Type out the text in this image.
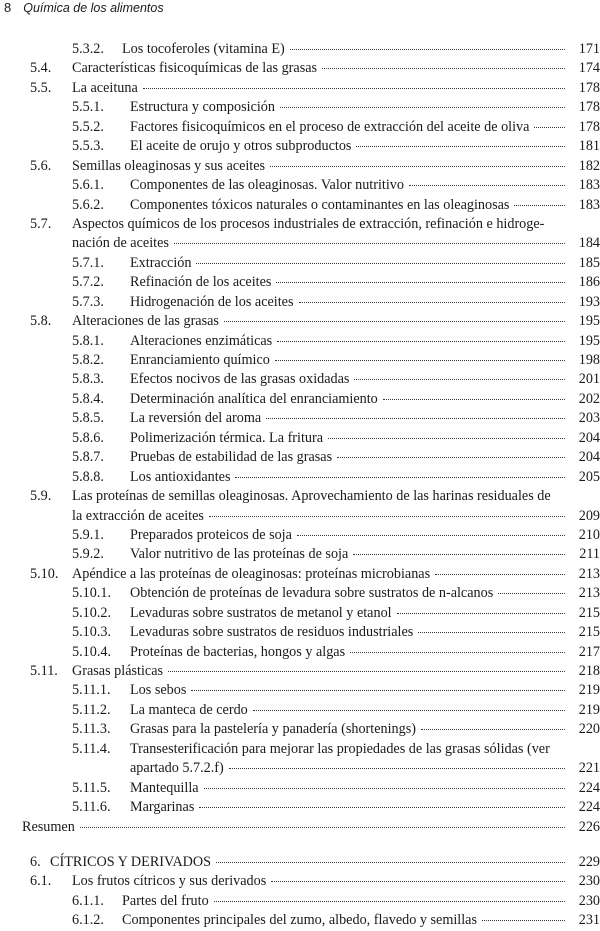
8 Química de los alimentos
5.3.2. Los tocoferoles (vitamina E)	171
5.4. Características fisicoquímicas de las grasas	174
5.5. La aceituna	178
5.5.1. Estructura y composición	178
5.5.2. Factores fisicoquímicos en el proceso de extracción del aceite de oliva	178
5.5.3. El aceite de orujo y otros subproductos	181
5.6. Semillas oleaginosas y sus aceites	182
5.6.1. Componentes de las oleaginosas. Valor nutritivo	183
5.6.2. Componentes tóxicos naturales o contaminantes en las oleaginosas	183
5.7. Aspectos químicos de los procesos industriales de extracción, refinación e hidroge-
nación de aceites	184
5.7.1. Extracción	185
5.7.2. Refinación de los aceites	186
5.7.3. Hidrogenación de los aceites	193
5.8. Alteraciones de las grasas	195
5.8.1. Alteraciones enzimáticas	195
5.8.2. Enranciamiento químico	198
5.8.3. Efectos nocivos de las grasas oxidadas	201
5.8.4. Determinación analítica del enranciamiento	202
5.8.5. La reversión del aroma	203
5.8.6. Polimerización térmica. La fritura	204
5.8.7. Pruebas de estabilidad de las grasas	204
5.8.8. Los antioxidantes	205
5.9. Las proteínas de semillas oleaginosas. Aprovechamiento de las harinas residuales de
la extracción de aceites	209
5.9.1. Preparados proteicos de soja	210
5.9.2. Valor nutritivo de las proteínas de soja	211
5.10. Apéndice a las proteínas de oleaginosas: proteínas microbianas	213
5.10.1. Obtención de proteínas de levadura sobre sustratos de n-alcanos	213
5.10.2. Levaduras sobre sustratos de metanol y etanol	215
5.10.3. Levaduras sobre sustratos de residuos industriales	215
5.10.4. Proteínas de bacterias, hongos y algas	217
5.11. Grasas plásticas	218
5.11.1. Los sebos	219
5.11.2. La manteca de cerdo	219
5.11.3. Grasas para la pastelería y panadería (shortenings)	220
5.11.4. Transesterificación para mejorar las propiedades de las grasas sólidas (ver
apartado 5.7.2.f)	221
5.11.5. Mantequilla	224
5.11.6. Margarinas	224
Resumen	226
6. CÍTRICOS Y DERIVADOS	229
6.1. Los frutos cítricos y sus derivados	230
6.1.1. Partes del fruto	230
6.1.2. Componentes principales del zumo, albedo, flavedo y semillas	231
